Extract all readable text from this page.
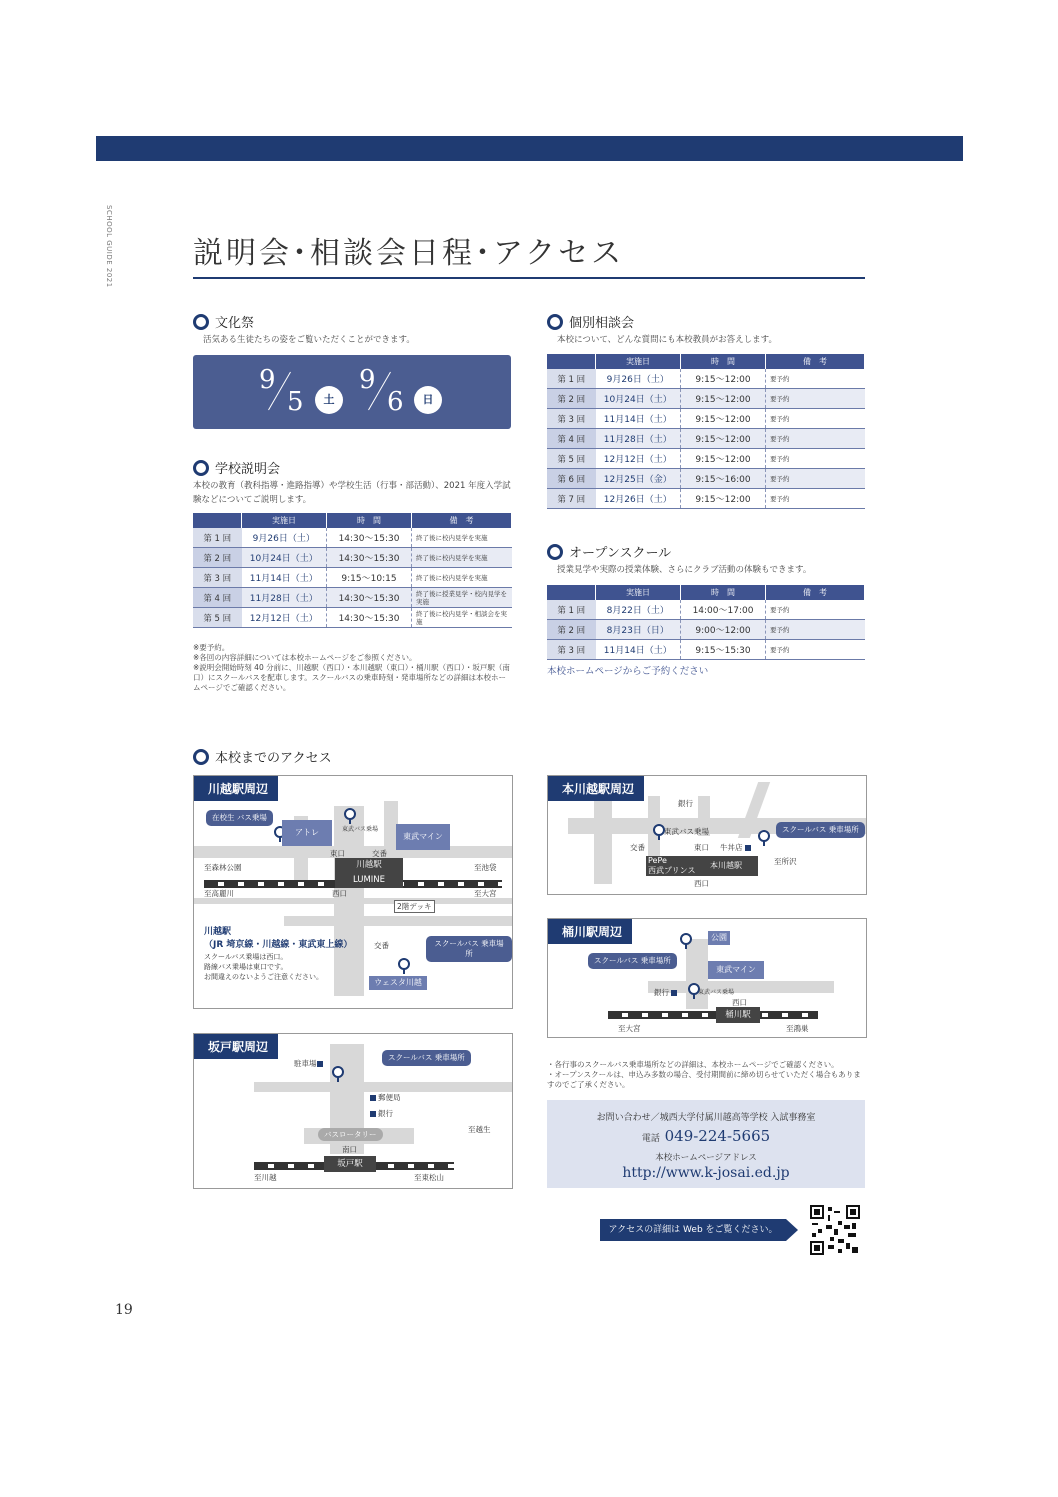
SCHOOL GUIDE 2021	説明会･相談会日程･アクセス
文化祭
活気ある生徒たちの姿をご覧いただくことができます。
9
5	土
9
6	日
学校説明会
本校の教育（教科指導・進路指導）や学校生活（行事・部活動）、2021 年度入学試験などについてご説明します。
	実施日	時　間	備　考
第 1 回	9月26日（土）	14:30～15:30	終了後に校内見学を実施
第 2 回	10月24日（土）	14:30～15:30	終了後に校内見学を実施
第 3 回	11月14日（土）	9:15～10:15	終了後に校内見学を実施
第 4 回	11月28日（土）	14:30～15:30	終了後に授業見学・校内見学を実施
第 5 回	12月12日（土）	14:30～15:30	終了後に校内見学・相談会を実施
※要予約。
※各回の内容詳細については本校ホームページをご参照ください。
※説明会開始時刻 40 分前に、川越駅（西口）・本川越駅（東口）・桶川駅（西口）・坂戸駅（南口）にスクールバスを配車します。スクールバスの乗車時刻・発車場所などの詳細は本校ホームページでご確認ください。
個別相談会
本校について、どんな質問にも本校教員がお答えします。
	実施日	時　間	備　考
第 1 回	9月26日（土）	9:15～12:00	要予約
第 2 回	10月24日（土）	9:15～12:00	要予約
第 3 回	11月14日（土）	9:15～12:00	要予約
第 4 回	11月28日（土）	9:15～12:00	要予約
第 5 回	12月12日（土）	9:15～12:00	要予約
第 6 回	12月25日（金）	9:15～16:00	要予約
第 7 回	12月26日（土）	9:15～12:00	要予約
オープンスクール
授業見学や実際の授業体験、さらにクラブ活動の体験もできます。
	実施日	時　間	備　考
第 1 回	8月22日（土）	14:00～17:00	要予約
第 2 回	8月23日（日）	9:00～12:00	要予約
第 3 回	11月14日（土）	9:15～15:30	要予約
本校ホームページからご予約ください
本校までのアクセス
川越駅周辺
在校生 バス乗場
アトレ	東武バス乗場
東武マイン
東口	交番
至森林公園	至池袋
川越駅
LUMINE
至高麗川	西口	至大宮
2階デッキ
川越駅
（JR 埼京線・川越線・東武東上線）
スクールバス乗場は西口。
路線バス乗場は東口です。
お間違えのないようご注意ください。
交番	スクールバス 乗車場所
ウェスタ川越
坂戸駅周辺
駐車場
スクールバス 乗車場所
郵便局
銀行
バスロータリー
南口
坂戸駅
至川越	至東松山
至越生
本川越駅周辺
銀行
東武バス乗場
交番	東口 牛丼店
スクールバス 乗車場所
PePe
西武プリンス
本川越駅	至所沢
西口
桶川駅周辺	公園
スクールバス 乗車場所
東武マイン
銀行	東武バス乗場
西口
桶川駅
至大宮	至鴻巣
・各行事のスクールバス乗車場所などの詳細は、本校ホームページでご確認ください。
・オープンスクールは、申込み多数の場合、受付期間前に締め切らせていただく場合もありますのでご了承ください。
お問い合わせ／城西大学付属川越高等学校 入試事務室
電話 049-224-5665
本校ホームページアドレス
http://www.k-josai.ed.jp
アクセスの詳細は Web をご覧ください。
19
